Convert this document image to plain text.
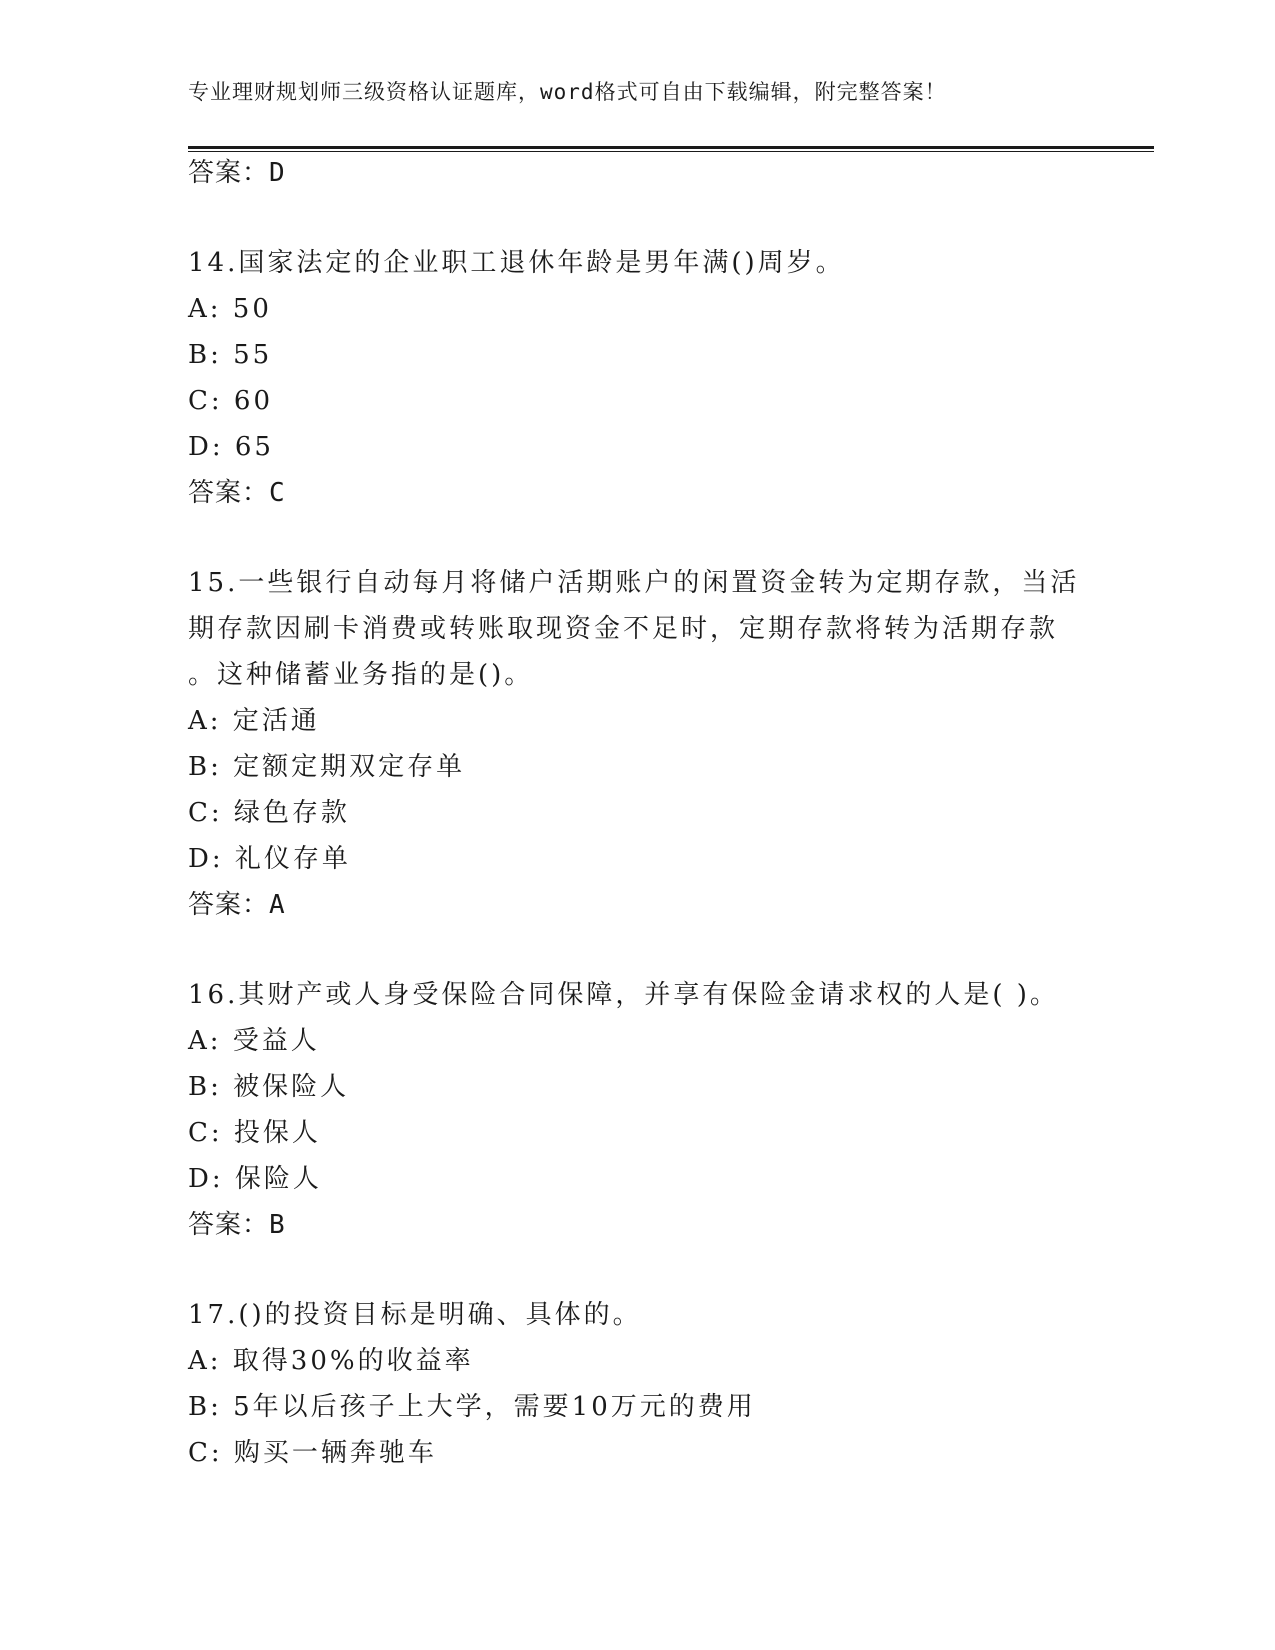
专业理财规划师三级资格认证题库，word格式可自由下载编辑，附完整答案！
答案：D
14.国家法定的企业职工退休年龄是男年满()周岁。
A: 50
B: 55
C: 60
D: 65
答案：C
15.一些银行自动每月将储户活期账户的闲置资金转为定期存款，当活
期存款因刷卡消费或转账取现资金不足时，定期存款将转为活期存款
。这种储蓄业务指的是()。
A: 定活通
B: 定额定期双定存单
C: 绿色存款
D: 礼仪存单
答案：A
16.其财产或人身受保险合同保障，并享有保险金请求权的人是( )。
A: 受益人
B: 被保险人
C: 投保人
D: 保险人
答案：B
17.()的投资目标是明确、具体的。
A: 取得30%的收益率
B: 5年以后孩子上大学，需要10万元的费用
C: 购买一辆奔驰车
